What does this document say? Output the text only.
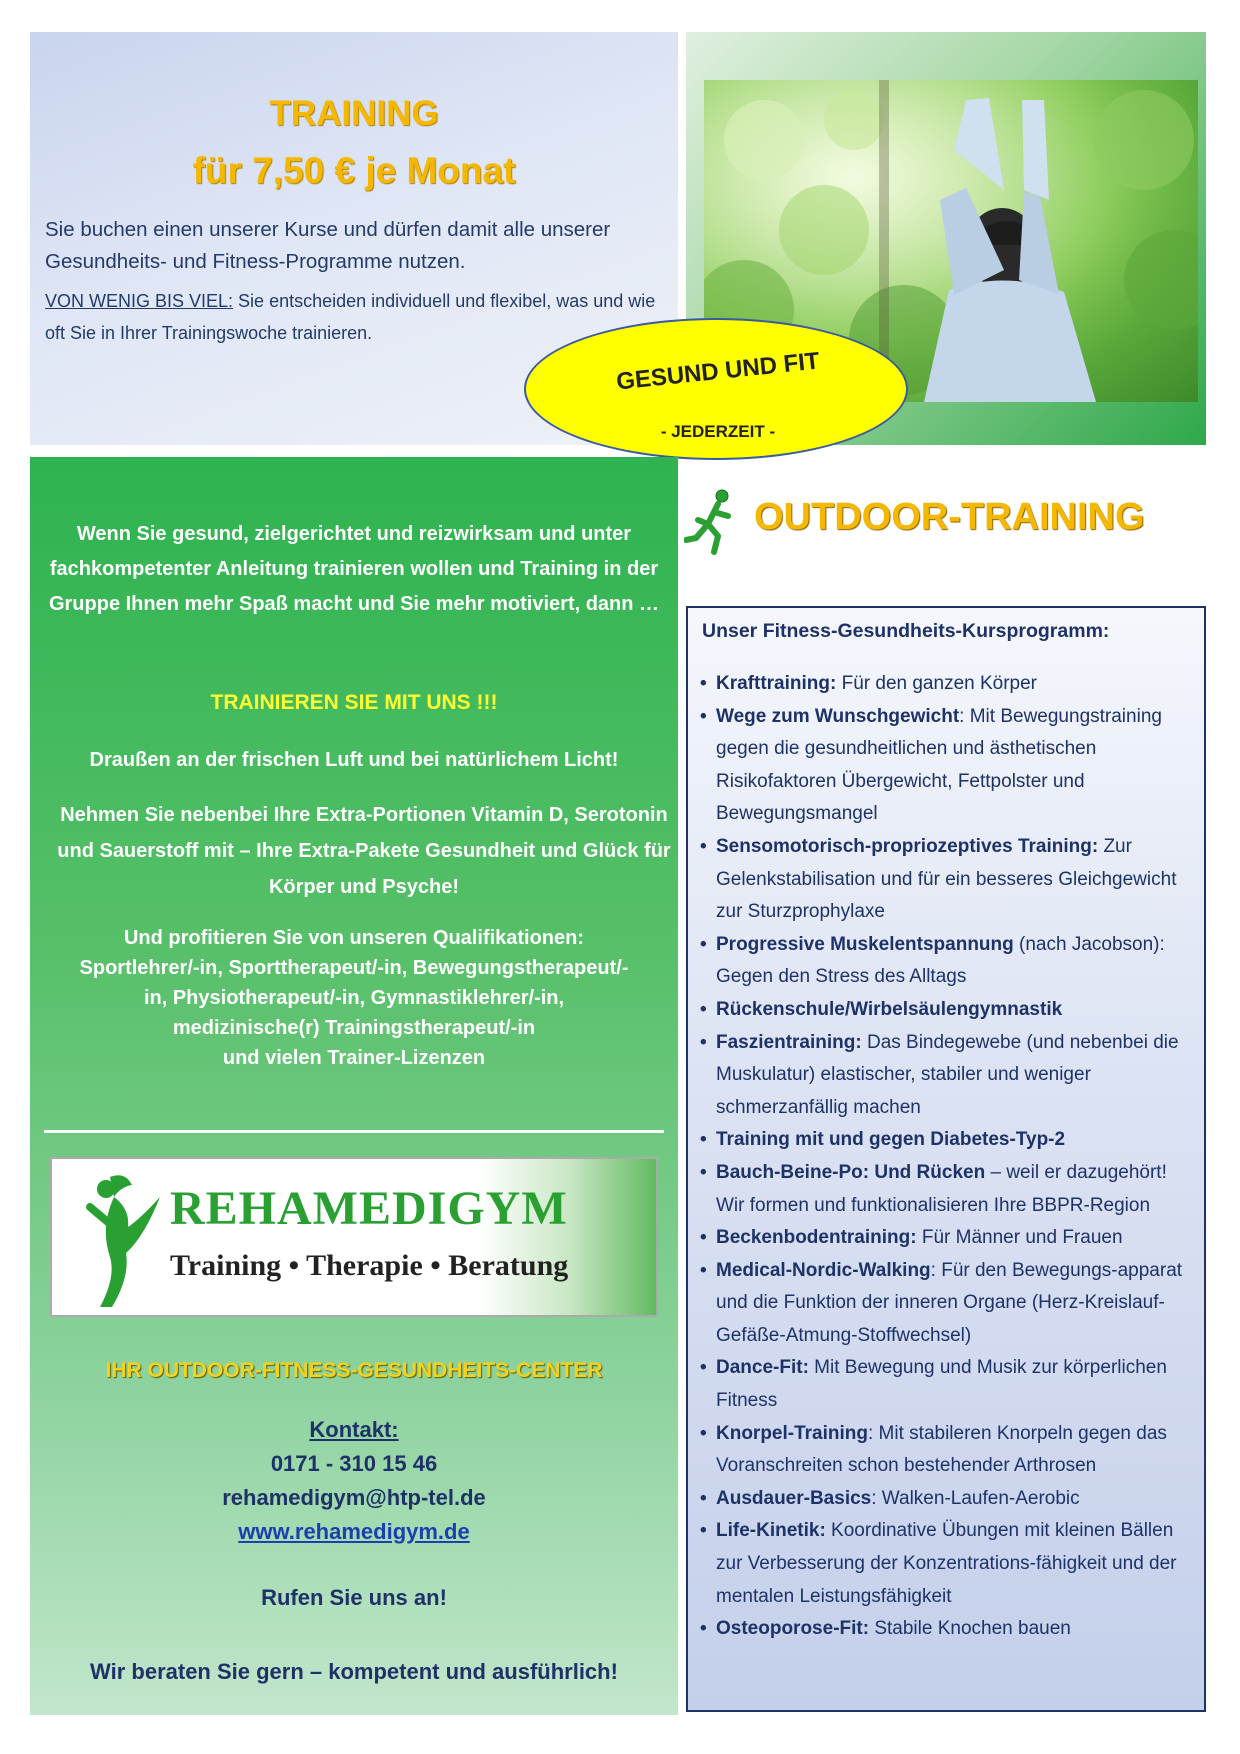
TRAINING
für 7,50 € je Monat
Sie buchen einen unserer Kurse und dürfen damit alle unserer Gesundheits- und Fitness-Programme nutzen.
VON WENIG BIS VIEL: Sie entscheiden individuell und flexibel, was und wie oft Sie in Ihrer Trainingswoche trainieren.
GESUND UND FIT
- JEDERZEIT -
Wenn Sie gesund, zielgerichtet und reizwirksam und unter fachkompetenter Anleitung trainieren wollen und Training in der Gruppe Ihnen mehr Spaß macht und Sie mehr motiviert, dann …
TRAINIEREN SIE MIT UNS !!!
Draußen an der frischen Luft und bei natürlichem Licht!
Nehmen Sie nebenbei Ihre Extra-Portionen Vitamin D, Serotonin und Sauerstoff mit – Ihre Extra-Pakete Gesundheit und Glück für Körper und Psyche!
Und profitieren Sie von unseren Qualifikationen:
Sportlehrer/-in, Sporttherapeut/-in, Bewegungstherapeut/-
in, Physiotherapeut/-in, Gymnastiklehrer/-in,
medizinische(r) Trainingstherapeut/-in
und vielen Trainer-Lizenzen
REHAMEDIGYM
Training • Therapie • Beratung
IHR OUTDOOR-FITNESS-GESUNDHEITS-CENTER
Kontakt:
0171 - 310 15 46
rehamedigym@htp-tel.de
www.rehamedigym.de
Rufen Sie uns an!
Wir beraten Sie gern – kompetent und ausführlich!
OUTDOOR-TRAINING
Unser Fitness-Gesundheits-Kursprogramm:
• Krafttraining: Für den ganzen Körper
• Wege zum Wunschgewicht: Mit Bewegungstraining gegen die gesundheitlichen und ästhetischen Risikofaktoren Übergewicht, Fettpolster und Bewegungsmangel
• Sensomotorisch-propriozeptives Training: Zur Gelenkstabilisation und für ein besseres Gleichgewicht zur Sturzprophylaxe
• Progressive Muskelentspannung (nach Jacobson): Gegen den Stress des Alltags
• Rückenschule/Wirbelsäulengymnastik
• Faszientraining: Das Bindegewebe (und nebenbei die Muskulatur) elastischer, stabiler und weniger schmerzanfällig machen
• Training mit und gegen Diabetes-Typ-2
• Bauch-Beine-Po: Und Rücken – weil er dazugehört! Wir formen und funktionalisieren Ihre BBPR-Region
• Beckenbodentraining: Für Männer und Frauen
• Medical-Nordic-Walking: Für den Bewegungs-apparat und die Funktion der inneren Organe (Herz-Kreislauf-Gefäße-Atmung-Stoffwechsel)
• Dance-Fit: Mit Bewegung und Musik zur körperlichen Fitness
• Knorpel-Training: Mit stabileren Knorpeln gegen das Voranschreiten schon bestehender Arthrosen
• Ausdauer-Basics: Walken-Laufen-Aerobic
• Life-Kinetik: Koordinative Übungen mit kleinen Bällen zur Verbesserung der Konzentrations-fähigkeit und der mentalen Leistungsfähigkeit
• Osteoporose-Fit: Stabile Knochen bauen
